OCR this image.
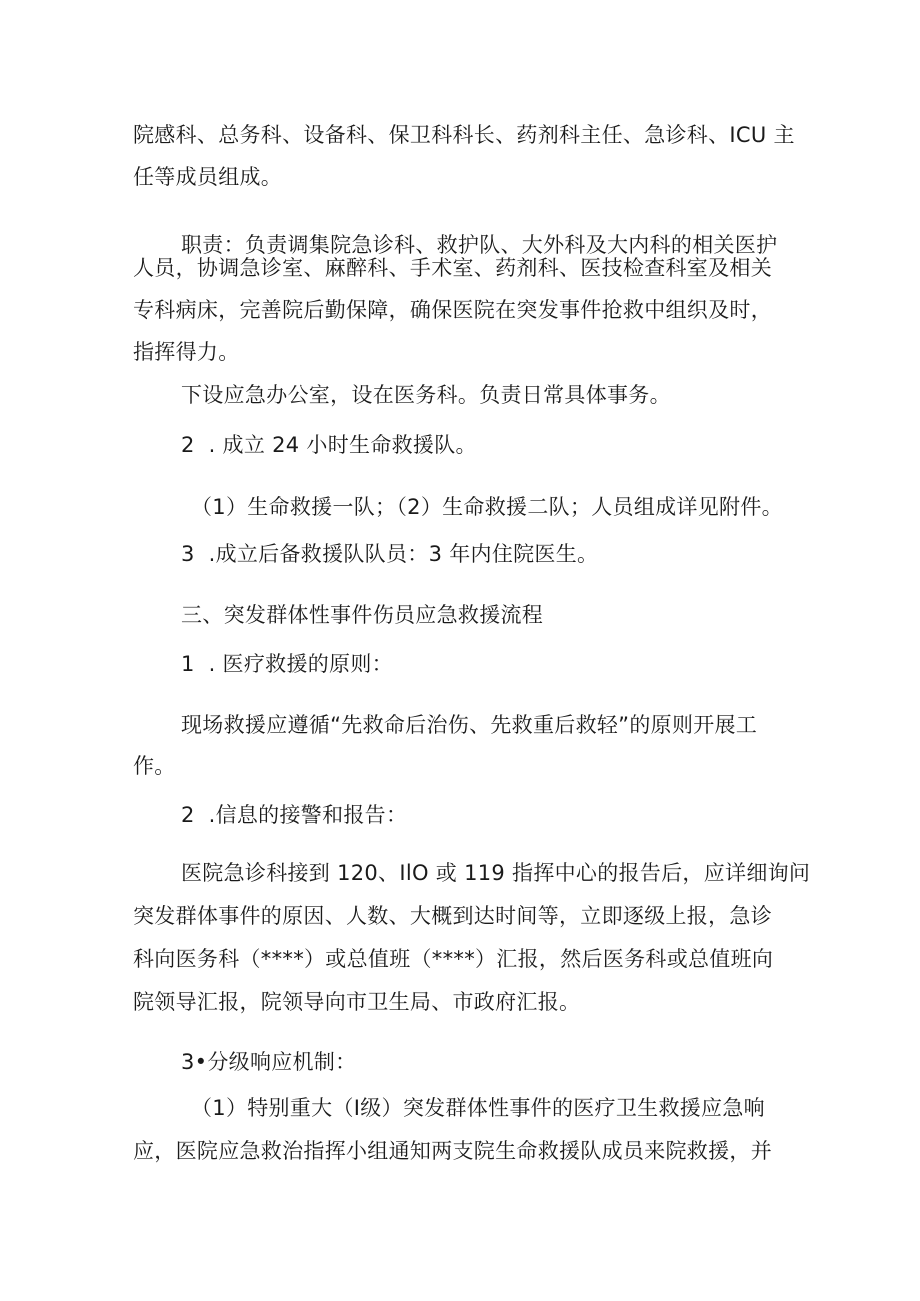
院感科、总务科、设备科、保卫科科长、药剂科主任、急诊科、ICU 主
任等成员组成。
职责：负责调集院急诊科、救护队、大外科及大内科的相关医护
人员，协调急诊室、麻醉科、手术室、药剂科、医技检查科室及相关
专科病床，完善院后勤保障，确保医院在突发事件抢救中组织及时，
指挥得力。
下设应急办公室，设在医务科。负责日常具体事务。
2  . 成立 24 小时生命救援队。
（1）生命救援一队；（2）生命救援二队；人员组成详见附件。
3  .成立后备救援队队员：3 年内住院医生。
三、突发群体性事件伤员应急救援流程
1  . 医疗救援的原则：
现场救援应遵循“先救命后治伤、先救重后救轻”的原则开展工
作。
2  .信息的接警和报告：
医院急诊科接到 120、IlO 或 119 指挥中心的报告后，应详细询问
突发群体事件的原因、人数、大概到达时间等，立即逐级上报，急诊
科向医务科（****）或总值班（****）汇报，然后医务科或总值班向
院领导汇报，院领导向市卫生局、市政府汇报。
3•分级响应机制：
（1）特别重大（Ⅰ级）突发群体性事件的医疗卫生救援应急响
应，医院应急救治指挥小组通知两支院生命救援队成员来院救援，并
